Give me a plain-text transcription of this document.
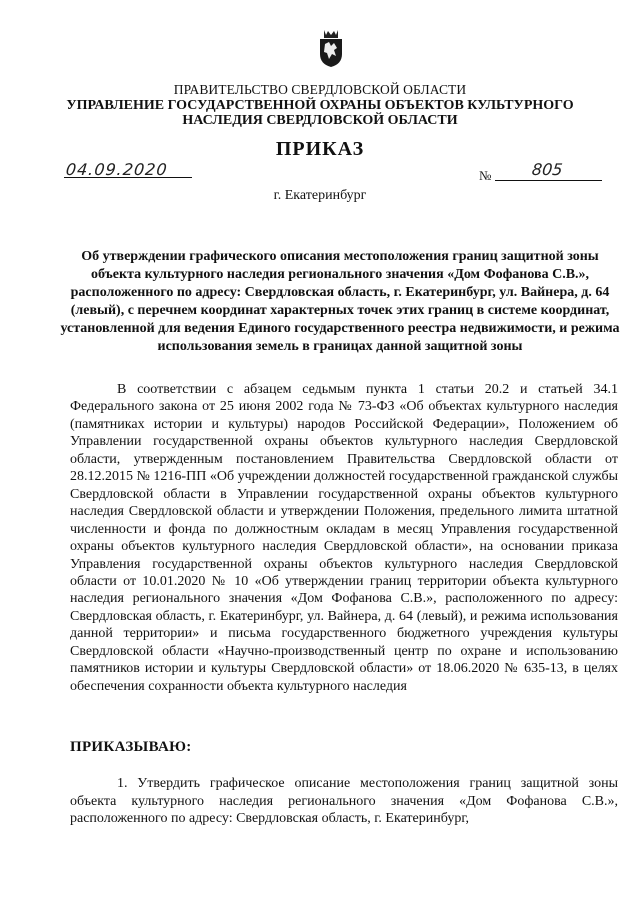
ПРАВИТЕЛЬСТВО СВЕРДЛОВСКОЙ ОБЛАСТИ
УПРАВЛЕНИЕ ГОСУДАРСТВЕННОЙ ОХРАНЫ ОБЪЕКТОВ КУЛЬТУРНОГО НАСЛЕДИЯ СВЕРДЛОВСКОЙ ОБЛАСТИ
ПРИКАЗ
04.09.2020	№ 805
г. Екатеринбург
Об утверждении графического описания местоположения границ защитной зоны объекта культурного наследия регионального значения «Дом Фофанова С.В.», расположенного по адресу: Свердловская область, г. Екатеринбург, ул. Вайнера, д. 64 (левый), с перечнем координат характерных точек этих границ в системе координат, установленной для ведения Единого государственного реестра недвижимости, и режима использования земель в границах данной защитной зоны

В соответствии с абзацем седьмым пункта 1 статьи 20.2 и статьей 34.1 Федерального закона от 25 июня 2002 года № 73-ФЗ «Об объектах культурного наследия (памятниках истории и культуры) народов Российской Федерации», Положением об Управлении государственной охраны объектов культурного наследия Свердловской области, утвержденным постановлением Правительства Свердловской области от 28.12.2015 № 1216-ПП «Об учреждении должностей государственной гражданской службы Свердловской области в Управлении государственной охраны объектов культурного наследия Свердловской области и утверждении Положения, предельного лимита штатной численности и фонда по должностным окладам в месяц Управления государственной охраны объектов культурного наследия Свердловской области», на основании приказа Управления государственной охраны объектов культурного наследия Свердловской области от 10.01.2020 № 10 «Об утверждении границ территории объекта культурного наследия регионального значения «Дом Фофанова С.В.», расположенного по адресу: Свердловская область, г. Екатеринбург, ул. Вайнера, д. 64 (левый), и режима использования данной территории» и письма государственного бюджетного учреждения культуры Свердловской области «Научно-производственный центр по охране и использованию памятников истории и культуры Свердловской области» от 18.06.2020 № 635-13, в целях обеспечения сохранности объекта культурного наследия

ПРИКАЗЫВАЮ:

1. Утвердить графическое описание местоположения границ защитной зоны объекта культурного наследия регионального значения «Дом Фофанова С.В.», расположенного по адресу: Свердловская область, г. Екатеринбург,
